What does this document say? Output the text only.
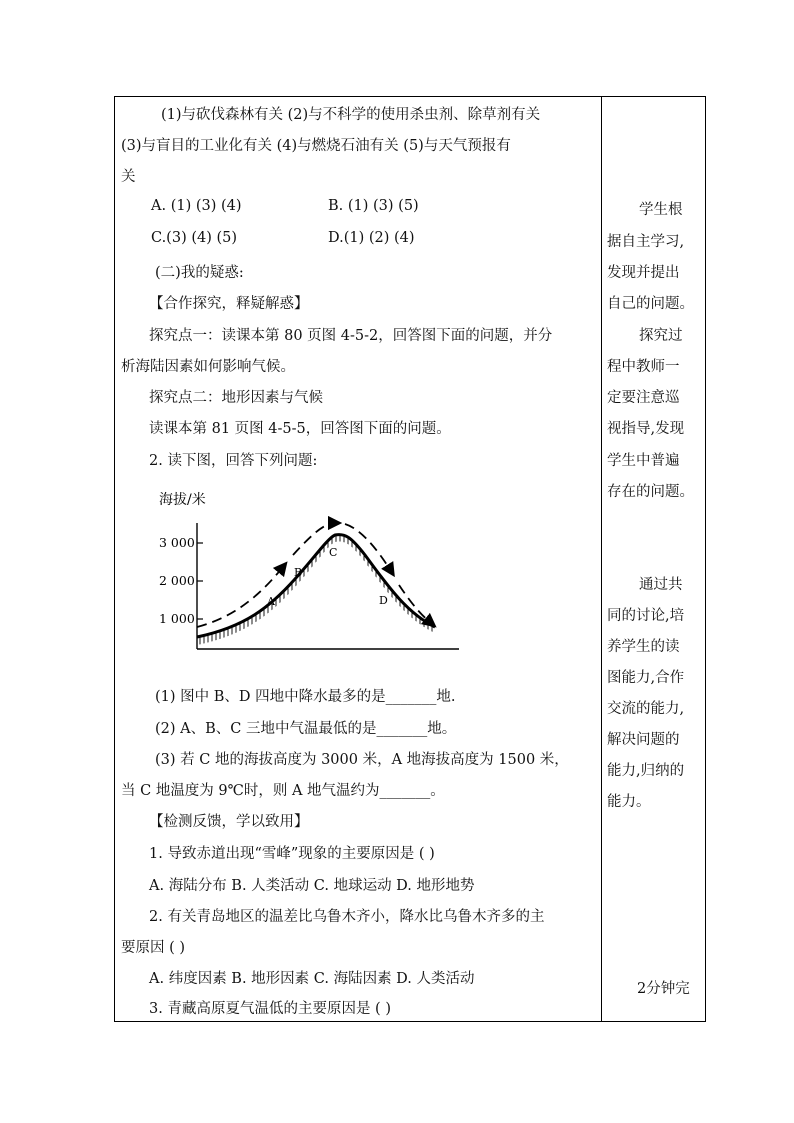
(1)与砍伐森林有关 (2)与不科学的使用杀虫剂、除草剂有关
(3)与盲目的工业化有关 (4)与燃烧石油有关 (5)与天气预报有
关
A. (1) (3) (4)	B. (1) (3) (5)
C.(3) (4) (5)	D.(1) (2) (4)
(二)我的疑惑:
【合作探究，释疑解惑】
探究点一：读课本第 80 页图 4-5-2，回答图下面的问题，并分
析海陆因素如何影响气候。
探究点二：地形因素与气候
读课本第 81 页图 4-5-5，回答图下面的问题。
2. 读下图，回答下列问题:
海拔/米
3 000
2 000
1 000
A
B
C
D
(1) 图中 B、D 四地中降水最多的是_______地.
(2) A、B、C 三地中气温最低的是_______地。
(3) 若 C 地的海拔高度为 3000 米，A 地海拔高度为 1500 米，
当 C 地温度为 9℃时，则 A 地气温约为_______。
【检测反馈，学以致用】
1. 导致赤道出现“雪峰”现象的主要原因是 ( )
A. 海陆分布 B. 人类活动 C. 地球运动 D. 地形地势
2. 有关青岛地区的温差比乌鲁木齐小，降水比乌鲁木齐多的主
要原因 ( )
A. 纬度因素 B. 地形因素 C. 海陆因素 D. 人类活动
3. 青藏高原夏气温低的主要原因是 ( )
学生根
据自主学习,
发现并提出
自己的问题。
探究过
程中教师一
定要注意巡
视指导,发现
学生中普遍
存在的问题。
通过共
同的讨论,培
养学生的读
图能力,合作
交流的能力,
解决问题的
能力,归纳的
能力。
2分钟完
